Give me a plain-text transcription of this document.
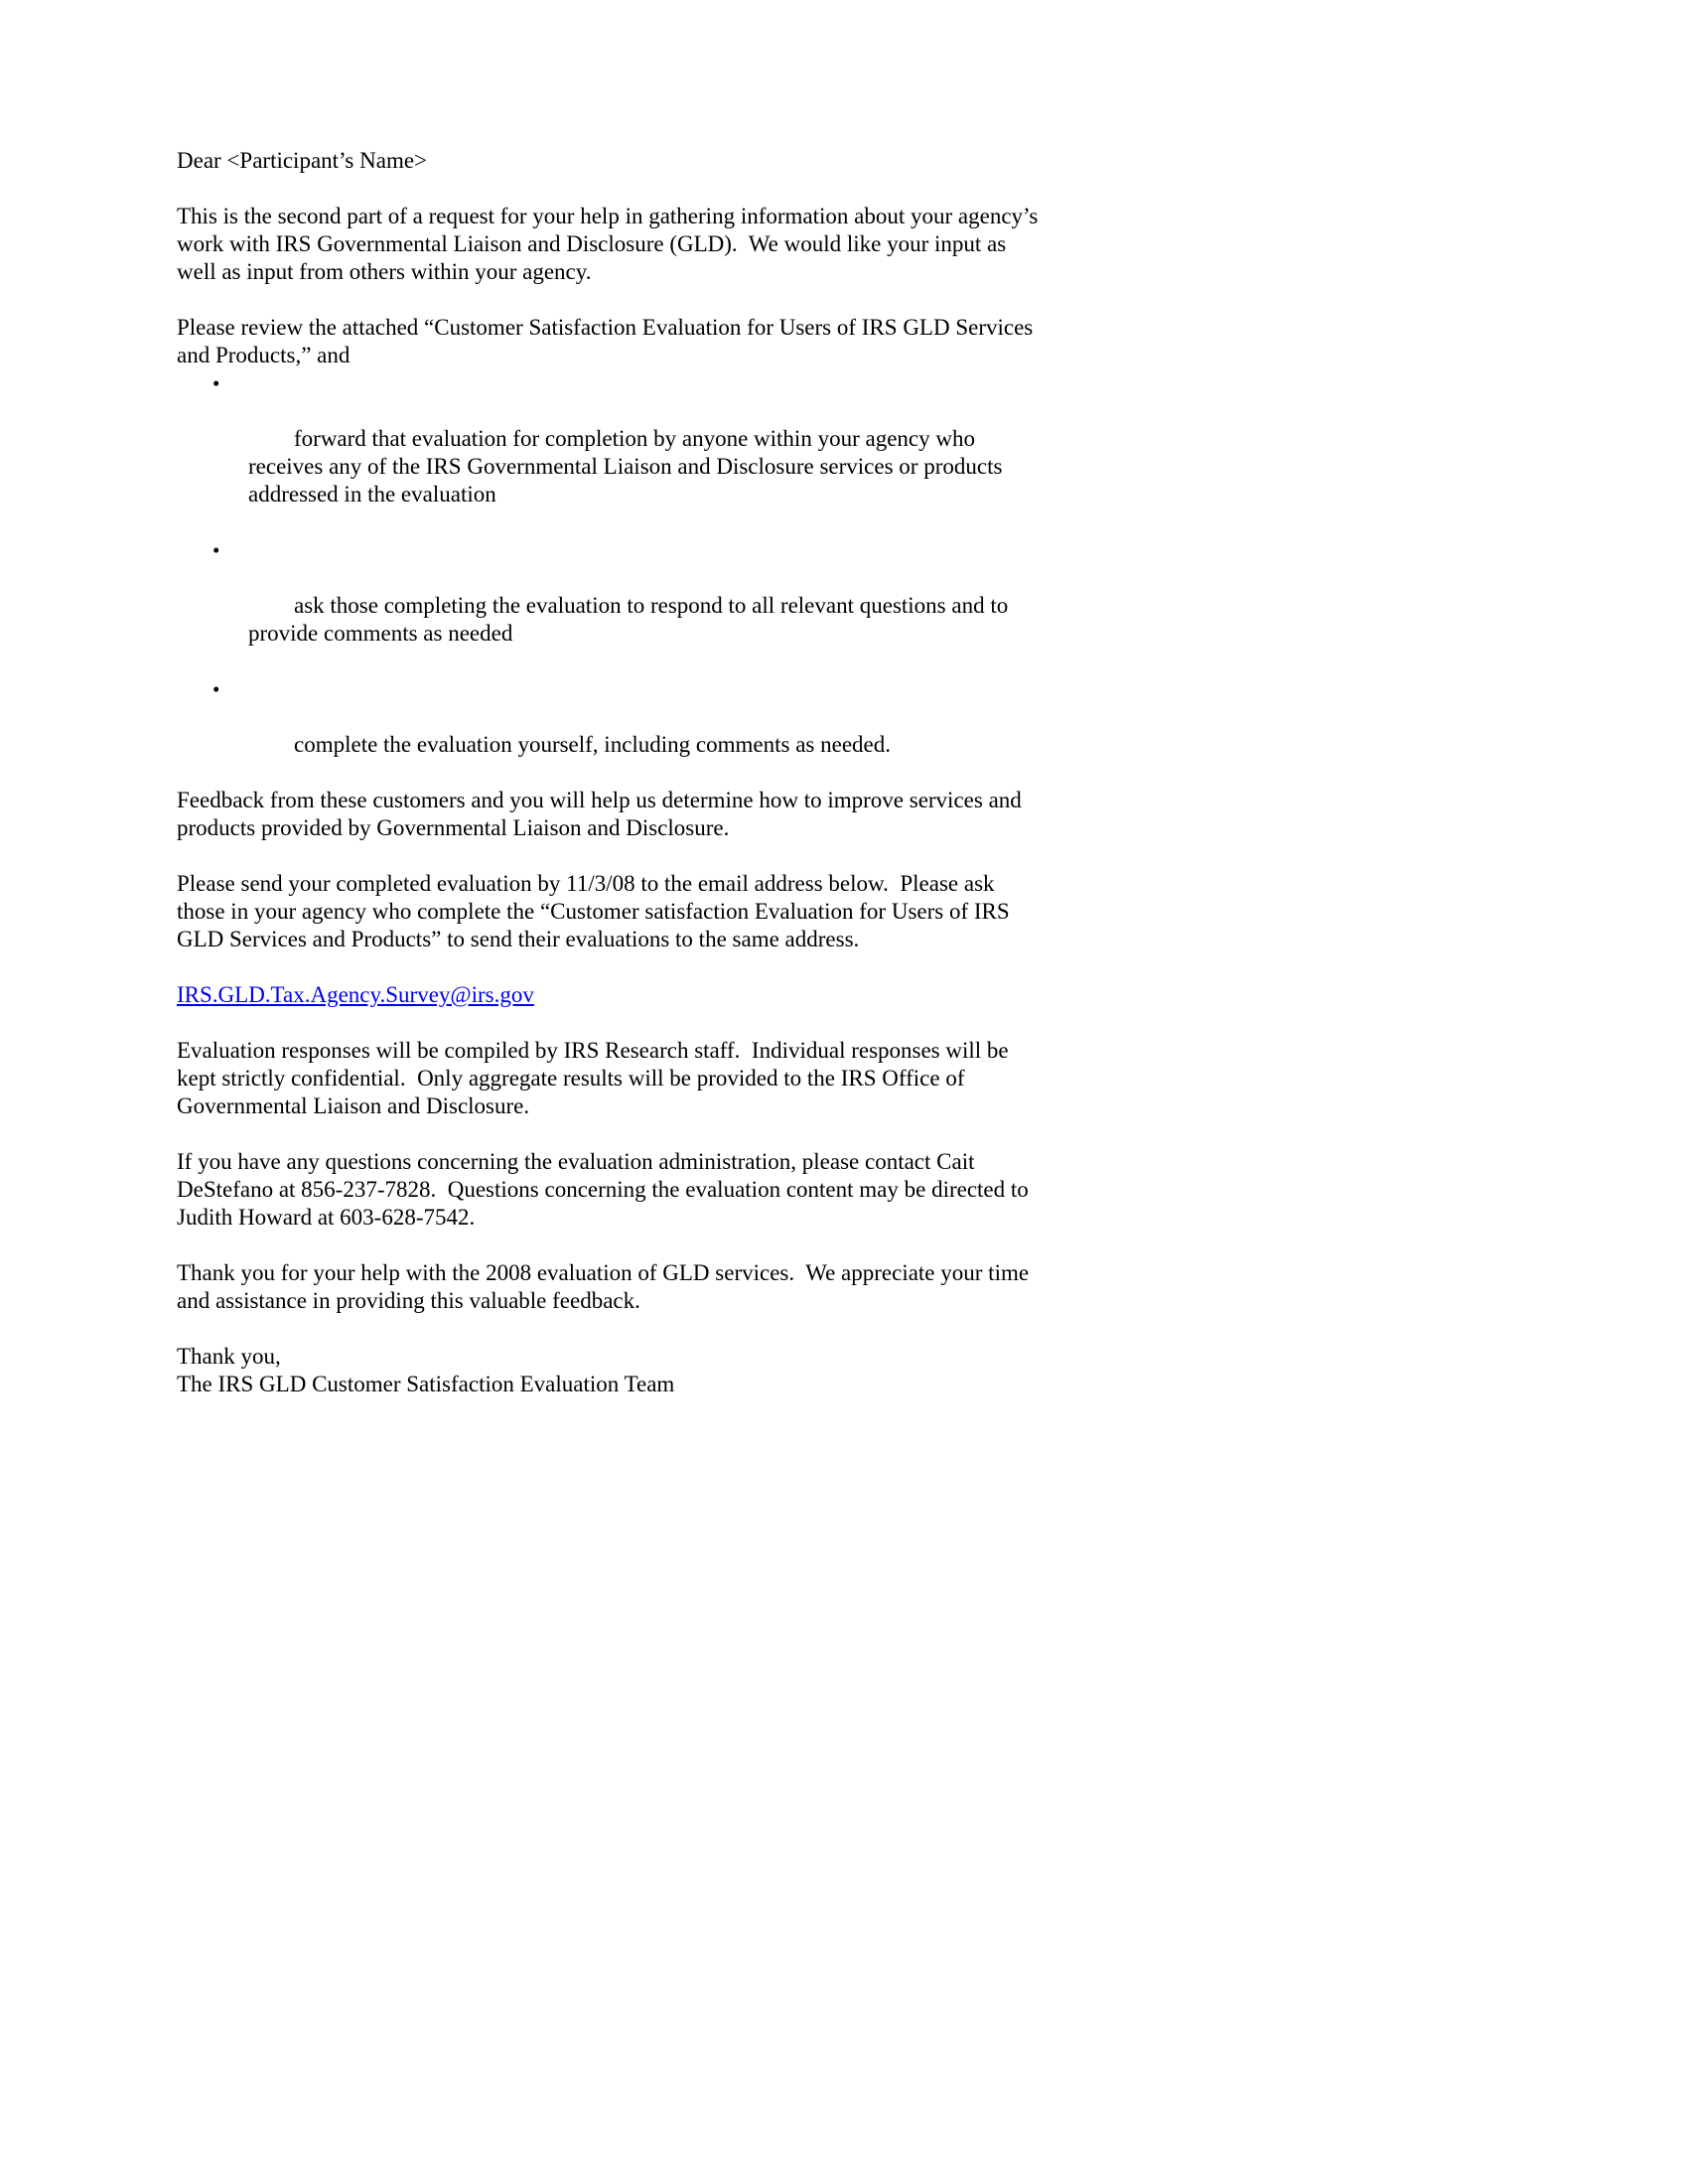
Dear <Participant’s Name>

This is the second part of a request for your help in gathering information about your agency’s work with IRS Governmental Liaison and Disclosure (GLD).  We would like your input as well as input from others within your agency.

Please review the attached “Customer Satisfaction Evaluation for Users of IRS GLD Services and Products,” and

•

forward that evaluation for completion by anyone within your agency who receives any of the IRS Governmental Liaison and Disclosure services or products addressed in the evaluation

•

ask those completing the evaluation to respond to all relevant questions and to provide comments as needed

•

complete the evaluation yourself, including comments as needed.

Feedback from these customers and you will help us determine how to improve services and products provided by Governmental Liaison and Disclosure.

Please send your completed evaluation by 11/3/08 to the email address below.  Please ask those in your agency who complete the “Customer satisfaction Evaluation for Users of IRS GLD Services and Products” to send their evaluations to the same address.

IRS.GLD.Tax.Agency.Survey@irs.gov

Evaluation responses will be compiled by IRS Research staff.  Individual responses will be kept strictly confidential.  Only aggregate results will be provided to the IRS Office of Governmental Liaison and Disclosure.

If you have any questions concerning the evaluation administration, please contact Cait DeStefano at 856-237-7828.  Questions concerning the evaluation content may be directed to Judith Howard at 603-628-7542.

Thank you for your help with the 2008 evaluation of GLD services.  We appreciate your time and assistance in providing this valuable feedback.

Thank you,

The IRS GLD Customer Satisfaction Evaluation Team
